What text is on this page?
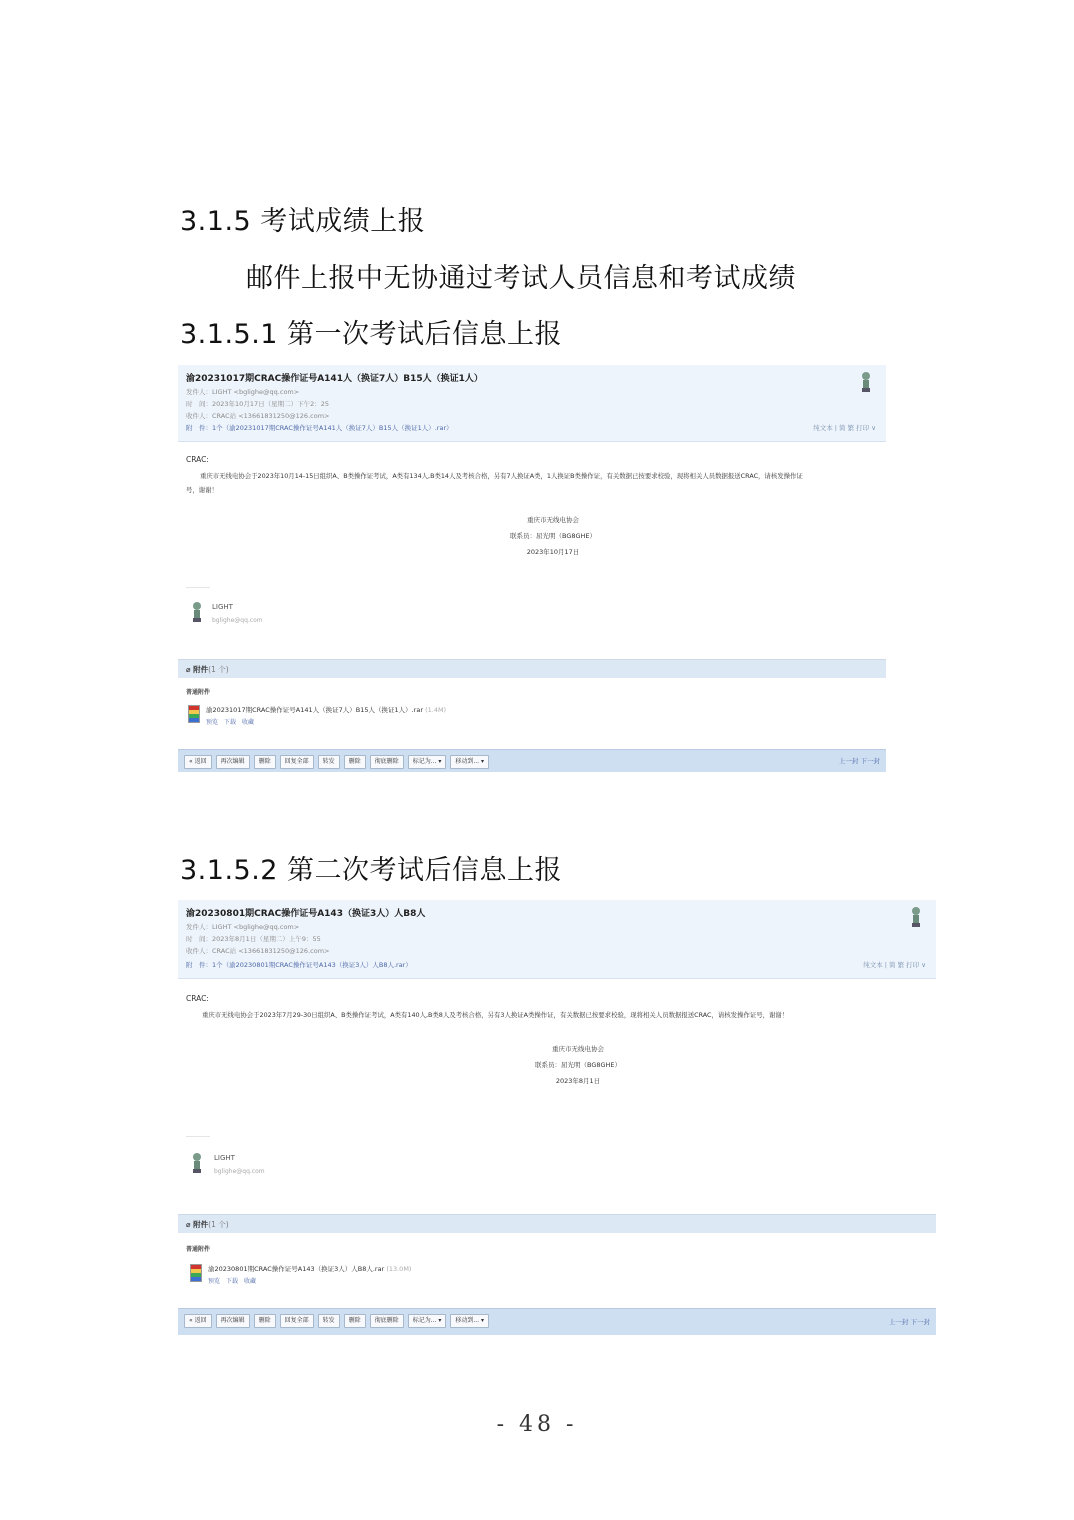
3.1.5 考试成绩上报
邮件上报中无协通过考试人员信息和考试成绩
3.1.5.1 第一次考试后信息上报
渝20231017期CRAC操作证号A141人（换证7人）B15人（换证1人）
发件人：LIGHT <bglighe@qq.com>
时　间：2023年10月17日（星期二）下午2：25
收件人：CRAC站 <13661831250@126.com>
附　件：1个（渝20231017期CRAC操作证号A141人（换证7人）B15人（换证1人）.rar）	纯文本 | 简 繁 打印 ∨
CRAC:
重庆市无线电协会于2023年10月14-15日组织A、B类操作证考试，A类有134人,B类14人及考核合格，另有7人换证A类，1人换证B类操作证，有关数据已按要求校验，现将相关人员数据报送CRAC，请核发操作证
号，谢谢！
重庆市无线电协会
联系员：屈光明（BG8GHE）
2023年10月17日
LIGHT
bglighe@qq.com
⌀ 附件(1 个)
普通附件
渝20231017期CRAC操作证号A141人（换证7人）B15人（换证1人）.rar (1.4M)
预览 下载 收藏
« 返回 再次编辑 删除 回复全部 转发 删除 彻底删除 标记为... ▾ 移动到... ▾	上一封 下一封
3.1.5.2 第二次考试后信息上报
渝20230801期CRAC操作证号A143（换证3人）人B8人
发件人：LIGHT <bglighe@qq.com>
时　间：2023年8月1日（星期二）上午9：55
收件人：CRAC站 <13661831250@126.com>
附　件：1个（渝20230801期CRAC操作证号A143（换证3人）人B8人.rar）	纯文本 | 简 繁 打印 ∨
CRAC:
重庆市无线电协会于2023年7月29-30日组织A、B类操作证考试，A类有140人,B类8人及考核合格，另有3人换证A类操作证，有关数据已按要求校验，现将相关人员数据报送CRAC，请核发操作证号，谢谢！
重庆市无线电协会
联系员：屈光明（BG8GHE）
2023年8月1日
LIGHT
bglighe@qq.com
⌀ 附件(1 个)
普通附件
渝20230801期CRAC操作证号A143（换证3人）人B8人.rar (13.0M)
预览 下载 收藏
« 返回 再次编辑 删除 回复全部 转发 删除 彻底删除 标记为... ▾ 移动到... ▾	上一封 下一封
- 48 -
